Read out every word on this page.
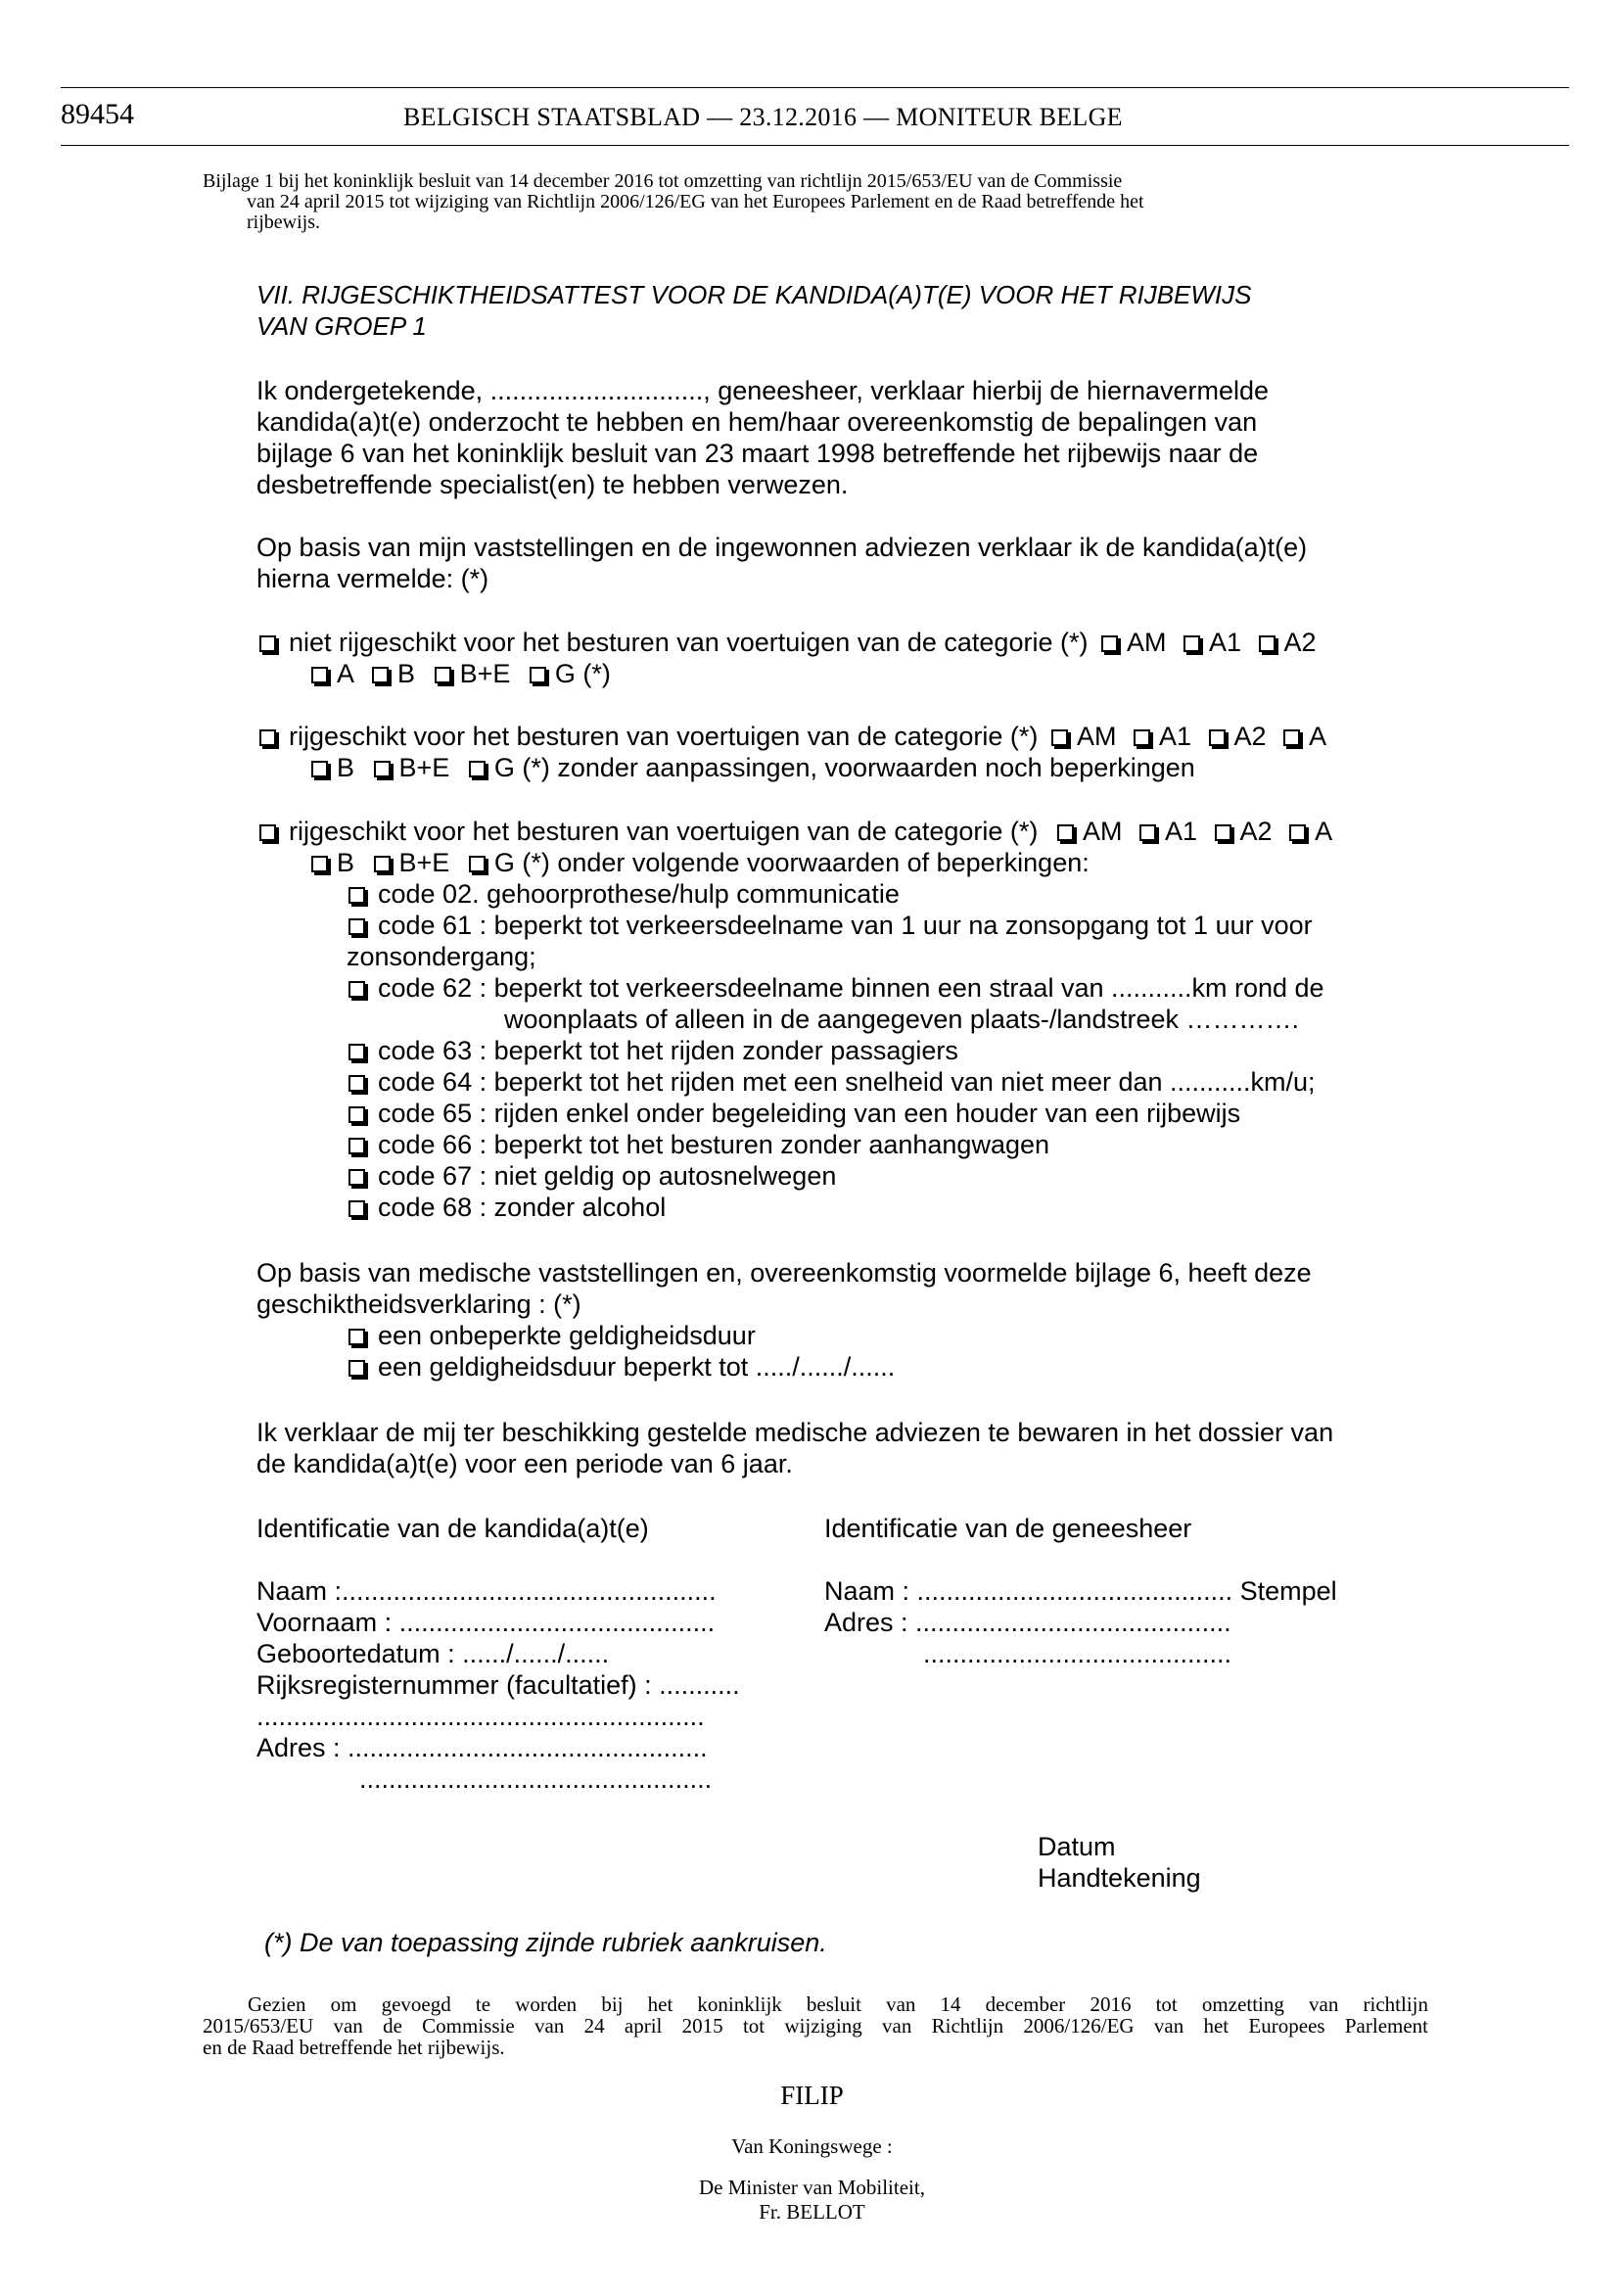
89454	BELGISCH STAATSBLAD — 23.12.2016 — MONITEUR BELGE
Bijlage 1 bij het koninklijk besluit van 14 december 2016 tot omzetting van richtlijn 2015/653/EU van de Commissie
van 24 april 2015 tot wijziging van Richtlijn 2006/126/EG van het Europees Parlement en de Raad betreffende het
rijbewijs.
VII. RIJGESCHIKTHEIDSATTEST VOOR DE KANDIDA(A)T(E) VOOR HET RIJBEWIJS
VAN GROEP 1
Ik ondergetekende, ............................., geneesheer, verklaar hierbij de hiernavermelde
kandida(a)t(e) onderzocht te hebben en hem/haar overeenkomstig de bepalingen van
bijlage 6 van het koninklijk besluit van 23 maart 1998 betreffende het rijbewijs naar de
desbetreffende specialist(en) te hebben verwezen.
Op basis van mijn vaststellingen en de ingewonnen adviezen verklaar ik de kandida(a)t(e)
hierna vermelde: (*)
niet rijgeschikt voor het besturen van voertuigen van de categorie (*) AM A1 A2
A B B+E G (*)
rijgeschikt voor het besturen van voertuigen van de categorie (*) AM A1 A2 A
B B+E G (*) zonder aanpassingen, voorwaarden noch beperkingen
rijgeschikt voor het besturen van voertuigen van de categorie (*) AM A1 A2 A
B B+E G (*) onder volgende voorwaarden of beperkingen:
code 02. gehoorprothese/hulp communicatie
code 61 : beperkt tot verkeersdeelname van 1 uur na zonsopgang tot 1 uur voor
zonsondergang;
code 62 : beperkt tot verkeersdeelname binnen een straal van ...........km rond de
woonplaats of alleen in de aangegeven plaats-/landstreek ………….
code 63 : beperkt tot het rijden zonder passagiers
code 64 : beperkt tot het rijden met een snelheid van niet meer dan ...........km/u;
code 65 : rijden enkel onder begeleiding van een houder van een rijbewijs
code 66 : beperkt tot het besturen zonder aanhangwagen
code 67 : niet geldig op autosnelwegen
code 68 : zonder alcohol
Op basis van medische vaststellingen en, overeenkomstig voormelde bijlage 6, heeft deze
geschiktheidsverklaring : (*)
een onbeperkte geldigheidsduur
een geldigheidsduur beperkt tot ...../....../......
Ik verklaar de mij ter beschikking gestelde medische adviezen te bewaren in het dossier van
de kandida(a)t(e) voor een periode van 6 jaar.
Identificatie van de kandida(a)t(e)	Identificatie van de geneesheer
Naam :...................................................
Voornaam : ...........................................
Geboortedatum : ....../....../......
Rijksregisternummer (facultatief) : ...........
.............................................................
Adres : .................................................
................................................
Naam : ........................................... Stempel
Adres : ...........................................
..........................................
Datum
Handtekening
(*) De van toepassing zijnde rubriek aankruisen.
Gezien om gevoegd te worden bij het koninklijk besluit van 14 december 2016 tot omzetting van richtlijn
2015/653/EU van de Commissie van 24 april 2015 tot wijziging van Richtlijn 2006/126/EG van het Europees Parlement
en de Raad betreffende het rijbewijs.
FILIP
Van Koningswege :
De Minister van Mobiliteit,
Fr. BELLOT
